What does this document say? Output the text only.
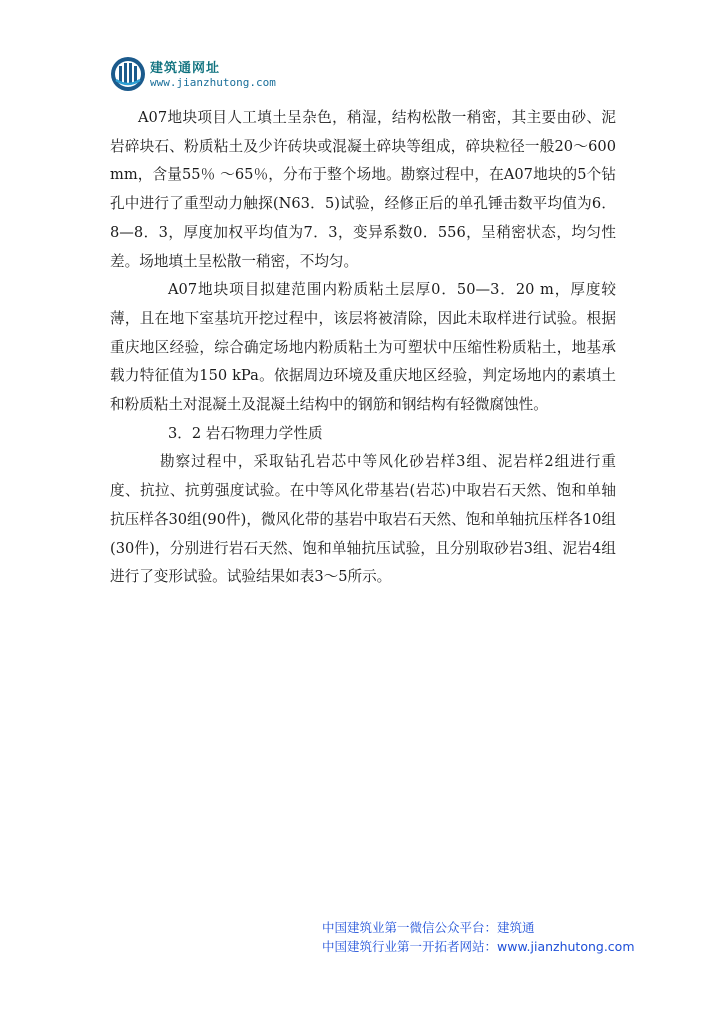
建筑通网址
www.jianzhutong.com

A07地块项目人工填土呈杂色，稍湿，结构松散一稍密，其主要由砂、泥岩碎块石、粉质粘土及少许砖块或混凝土碎块等组成，碎块粒径一般20～600 mm，含量55％ ～65％，分布于整个场地。勘察过程中，在A07地块的5个钻孔中进行了重型动力触探(N63．5)试验，经修正后的单孔锤击数平均值为6．8—8．3，厚度加权平均值为7．3，变异系数0．556，呈稍密状态，均匀性差。场地填土呈松散一稍密，不均匀。

A07地块项目拟建范围内粉质粘土层厚0．50—3．20 m，厚度较薄，且在地下室基坑开挖过程中，该层将被清除，因此未取样进行试验。根据重庆地区经验，综合确定场地内粉质粘土为可塑状中压缩性粉质粘土，地基承载力特征值为150 kPa。依据周边环境及重庆地区经验，判定场地内的素填土和粉质粘土对混凝土及混凝土结构中的钢筋和钢结构有轻微腐蚀性。

3．2 岩石物理力学性质

勘察过程中，采取钻孔岩芯中等风化砂岩样3组、泥岩样2组进行重度、抗拉、抗剪强度试验。在中等风化带基岩(岩芯)中取岩石天然、饱和单轴抗压样各30组(90件)，微风化带的基岩中取岩石天然、饱和单轴抗压样各10组(30件)，分别进行岩石天然、饱和单轴抗压试验，且分别取砂岩3组、泥岩4组进行了变形试验。试验结果如表3～5所示。

中国建筑业第一微信公众平台：建筑通
中国建筑行业第一开拓者网站：www.jianzhutong.com
